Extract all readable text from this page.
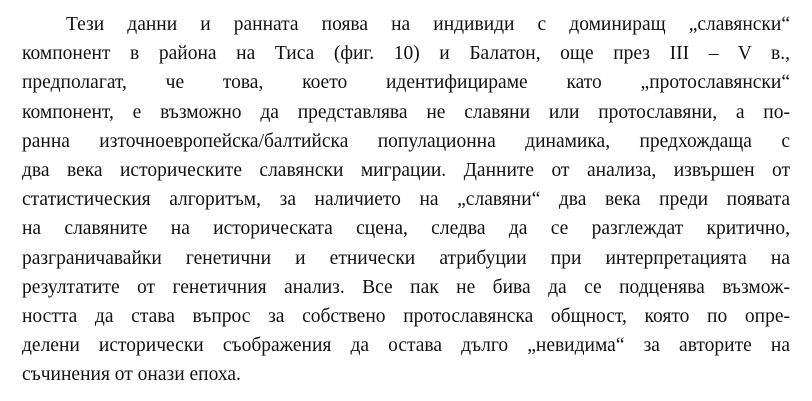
Тези данни и ранната поява на индивиди с доминиращ „славянски“
компонент в района на Тиса (фиг. 10) и Балатон, още през III – V в.,
предполагат, че това, което идентифицираме като „протославянски“
компонент, е възможно да представлява не славяни или протославяни, а по-
ранна източноевропейска/балтийска популационна динамика, предхождаща с
два века историческите славянски миграции. Данните от анализа, извършен от
статистическия алгоритъм, за наличието на „славяни“ два века преди появата
на славяните на историческата сцена, следва да се разглеждат критично,
разграничавайки генетични и етнически атрибуции при интерпретацията на
резултатите от генетичния анализ. Все пак не бива да се подценява възмож-
ността да става въпрос за собствено протославянска общност, която по опре-
делени исторически съображения да остава дълго „невидима“ за авторите на
съчинения от онази епоха.
